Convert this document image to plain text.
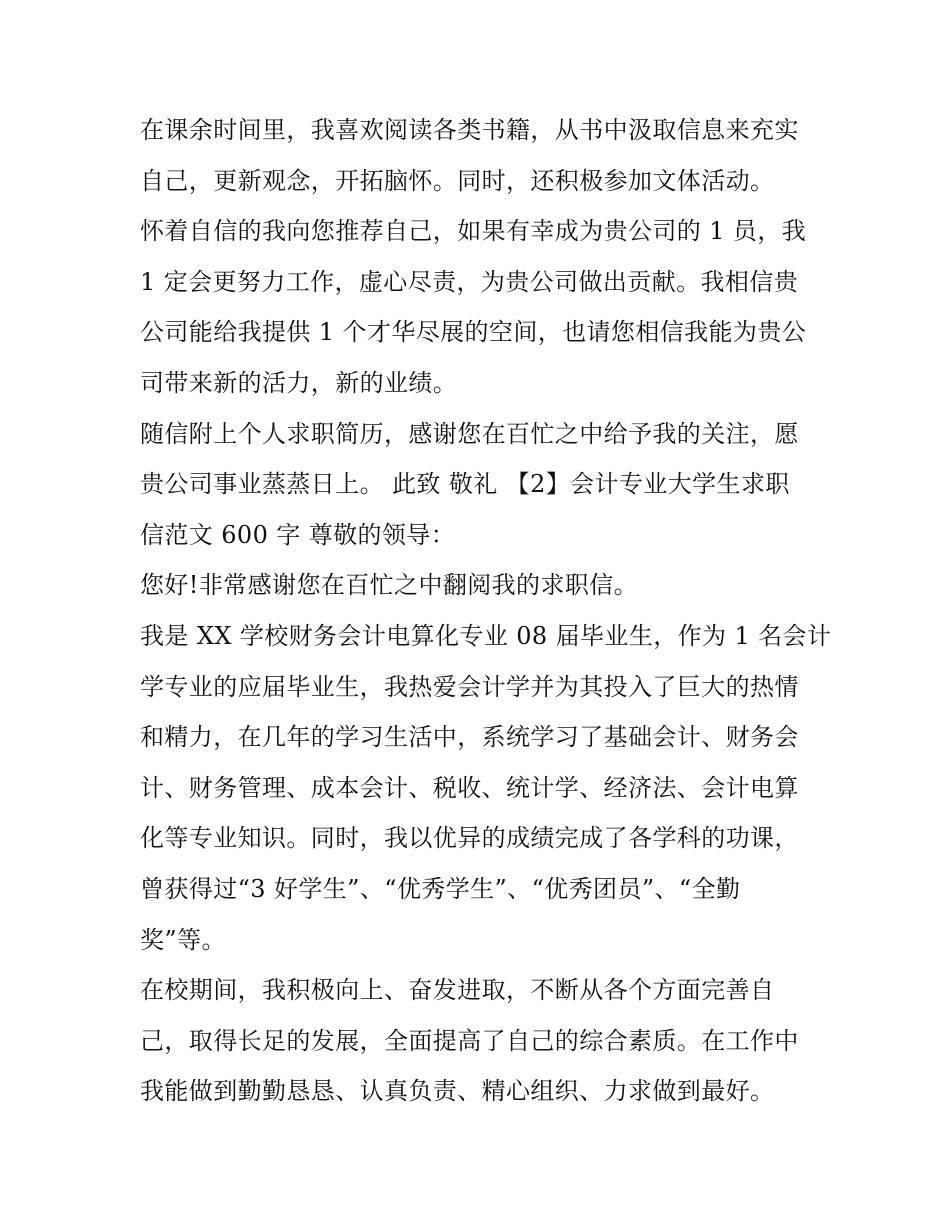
在课余时间里，我喜欢阅读各类书籍，从书中汲取信息来充实
自己，更新观念，开拓脑怀。同时，还积极参加文体活动。
怀着自信的我向您推荐自己，如果有幸成为贵公司的 1 员，我
1 定会更努力工作，虚心尽责，为贵公司做出贡献。我相信贵
公司能给我提供 1 个才华尽展的空间，也请您相信我能为贵公
司带来新的活力，新的业绩。
随信附上个人求职简历，感谢您在百忙之中给予我的关注，愿
贵公司事业蒸蒸日上。 此致 敬礼 【2】会计专业大学生求职
信范文 600 字 尊敬的领导：
您好!非常感谢您在百忙之中翻阅我的求职信。
我是 XX 学校财务会计电算化专业 08 届毕业生，作为 1 名会计
学专业的应届毕业生，我热爱会计学并为其投入了巨大的热情
和精力，在几年的学习生活中，系统学习了基础会计、财务会
计、财务管理、成本会计、税收、统计学、经济法、会计电算
化等专业知识。同时，我以优异的成绩完成了各学科的功课，
曾获得过“3 好学生”、“优秀学生”、“优秀团员”、“全勤
奖”等。
在校期间，我积极向上、奋发进取，不断从各个方面完善自
己，取得长足的发展，全面提高了自己的综合素质。在工作中
我能做到勤勤恳恳、认真负责、精心组织、力求做到最好。
